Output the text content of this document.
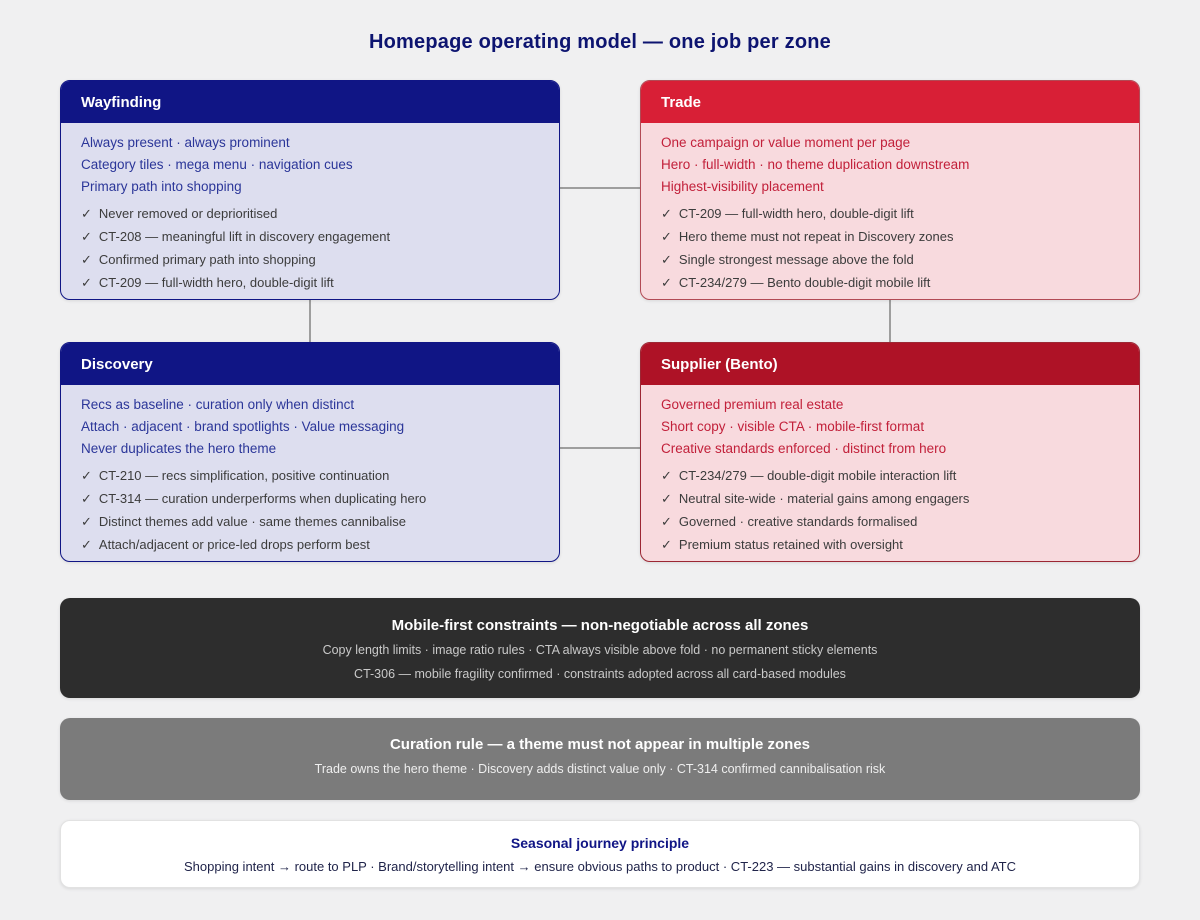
Homepage operating model — one job per zone
Wayfinding
Always present · always prominent
Category tiles · mega menu · navigation cues
Primary path into shopping
✓ Never removed or deprioritised
✓ CT-208 — meaningful lift in discovery engagement
✓ Confirmed primary path into shopping
✓ CT-209 — full-width hero, double-digit lift
Trade
One campaign or value moment per page
Hero · full-width · no theme duplication downstream
Highest-visibility placement
✓ CT-209 — full-width hero, double-digit lift
✓ Hero theme must not repeat in Discovery zones
✓ Single strongest message above the fold
✓ CT-234/279 — Bento double-digit mobile lift
Discovery
Recs as baseline · curation only when distinct
Attach · adjacent · brand spotlights · Value messaging
Never duplicates the hero theme
✓ CT-210 — recs simplification, positive continuation
✓ CT-314 — curation underperforms when duplicating hero
✓ Distinct themes add value · same themes cannibalise
✓ Attach/adjacent or price-led drops perform best
Supplier (Bento)
Governed premium real estate
Short copy · visible CTA · mobile-first format
Creative standards enforced · distinct from hero
✓ CT-234/279 — double-digit mobile interaction lift
✓ Neutral site-wide · material gains among engagers
✓ Governed · creative standards formalised
✓ Premium status retained with oversight
Mobile-first constraints — non-negotiable across all zones
Copy length limits · image ratio rules · CTA always visible above fold · no permanent sticky elements
CT-306 — mobile fragility confirmed · constraints adopted across all card-based modules
Curation rule — a theme must not appear in multiple zones
Trade owns the hero theme · Discovery adds distinct value only · CT-314 confirmed cannibalisation risk
Seasonal journey principle
Shopping intent → route to PLP · Brand/storytelling intent → ensure obvious paths to product · CT-223 — substantial gains in discovery and ATC
